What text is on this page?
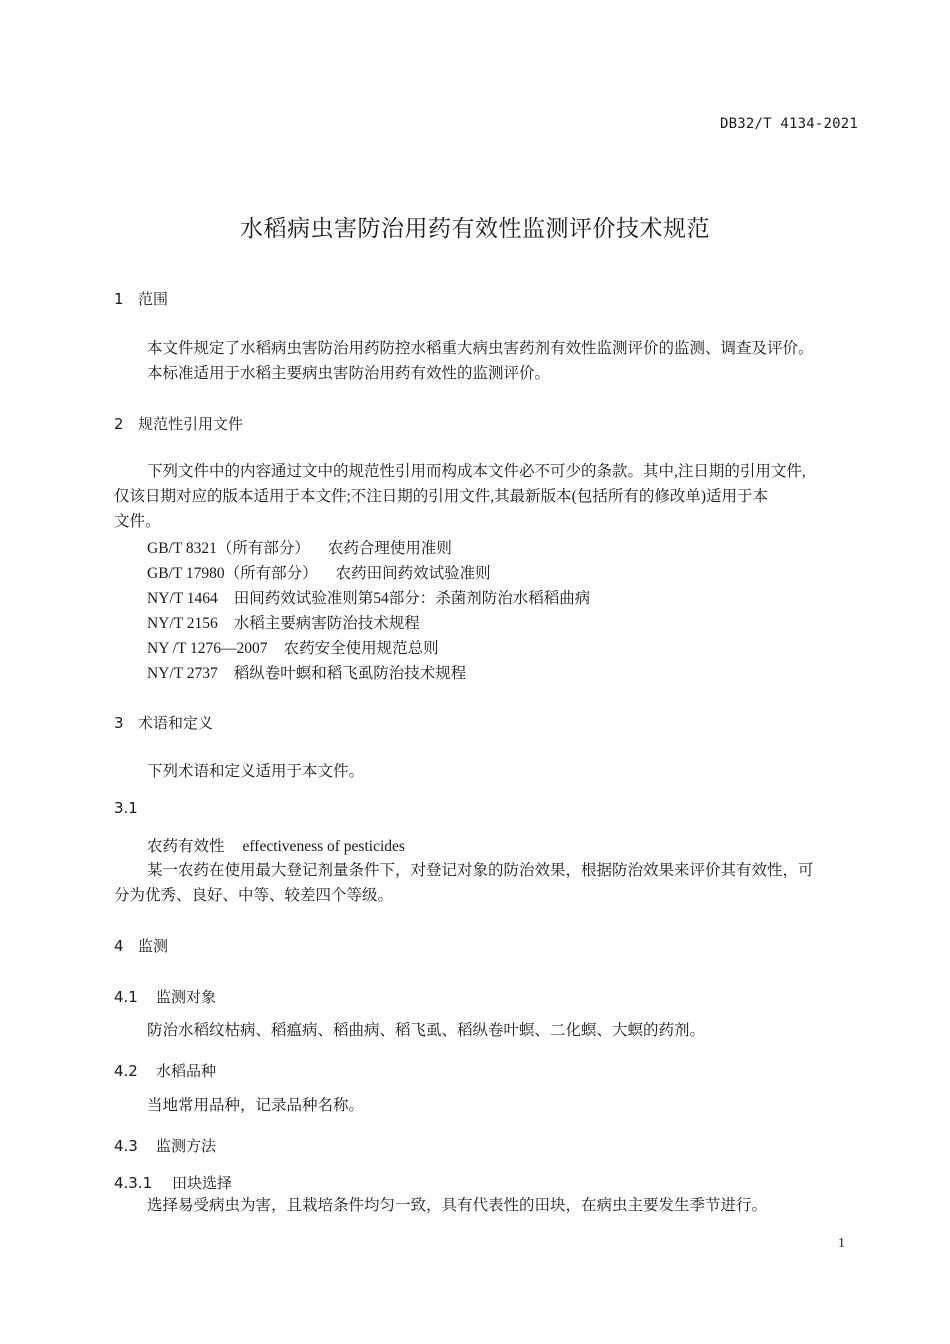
DB32/T 4134-2021
水稻病虫害防治用药有效性监测评价技术规范
1 范围
本文件规定了水稻病虫害防治用药防控水稻重大病虫害药剂有效性监测评价的监测、调查及评价。
本标准适用于水稻主要病虫害防治用药有效性的监测评价。
2 规范性引用文件
下列文件中的内容通过文中的规范性引用而构成本文件必不可少的条款。其中,注日期的引用文件,
仅该日期对应的版本适用于本文件;不注日期的引用文件,其最新版本(包括所有的修改单)适用于本
文件。
GB/T 8321（所有部分） 农药合理使用准则
GB/T 17980（所有部分） 农药田间药效试验准则
NY/T 1464 田间药效试验准则第54部分：杀菌剂防治水稻稻曲病
NY/T 2156 水稻主要病害防治技术规程
NY /T 1276—2007 农药安全使用规范总则
NY/T 2737 稻纵卷叶螟和稻飞虱防治技术规程
3 术语和定义
下列术语和定义适用于本文件。
3.1
农药有效性 effectiveness of pesticides
某一农药在使用最大登记剂量条件下，对登记对象的防治效果，根据防治效果来评价其有效性，可
分为优秀、良好、中等、较差四个等级。
4 监测
4.1 监测对象
防治水稻纹枯病、稻瘟病、稻曲病、稻飞虱、稻纵卷叶螟、二化螟、大螟的药剂。
4.2 水稻品种
当地常用品种，记录品种名称。
4.3 监测方法
4.3.1 田块选择
选择易受病虫为害，且栽培条件均匀一致，具有代表性的田块，在病虫主要发生季节进行。
1
